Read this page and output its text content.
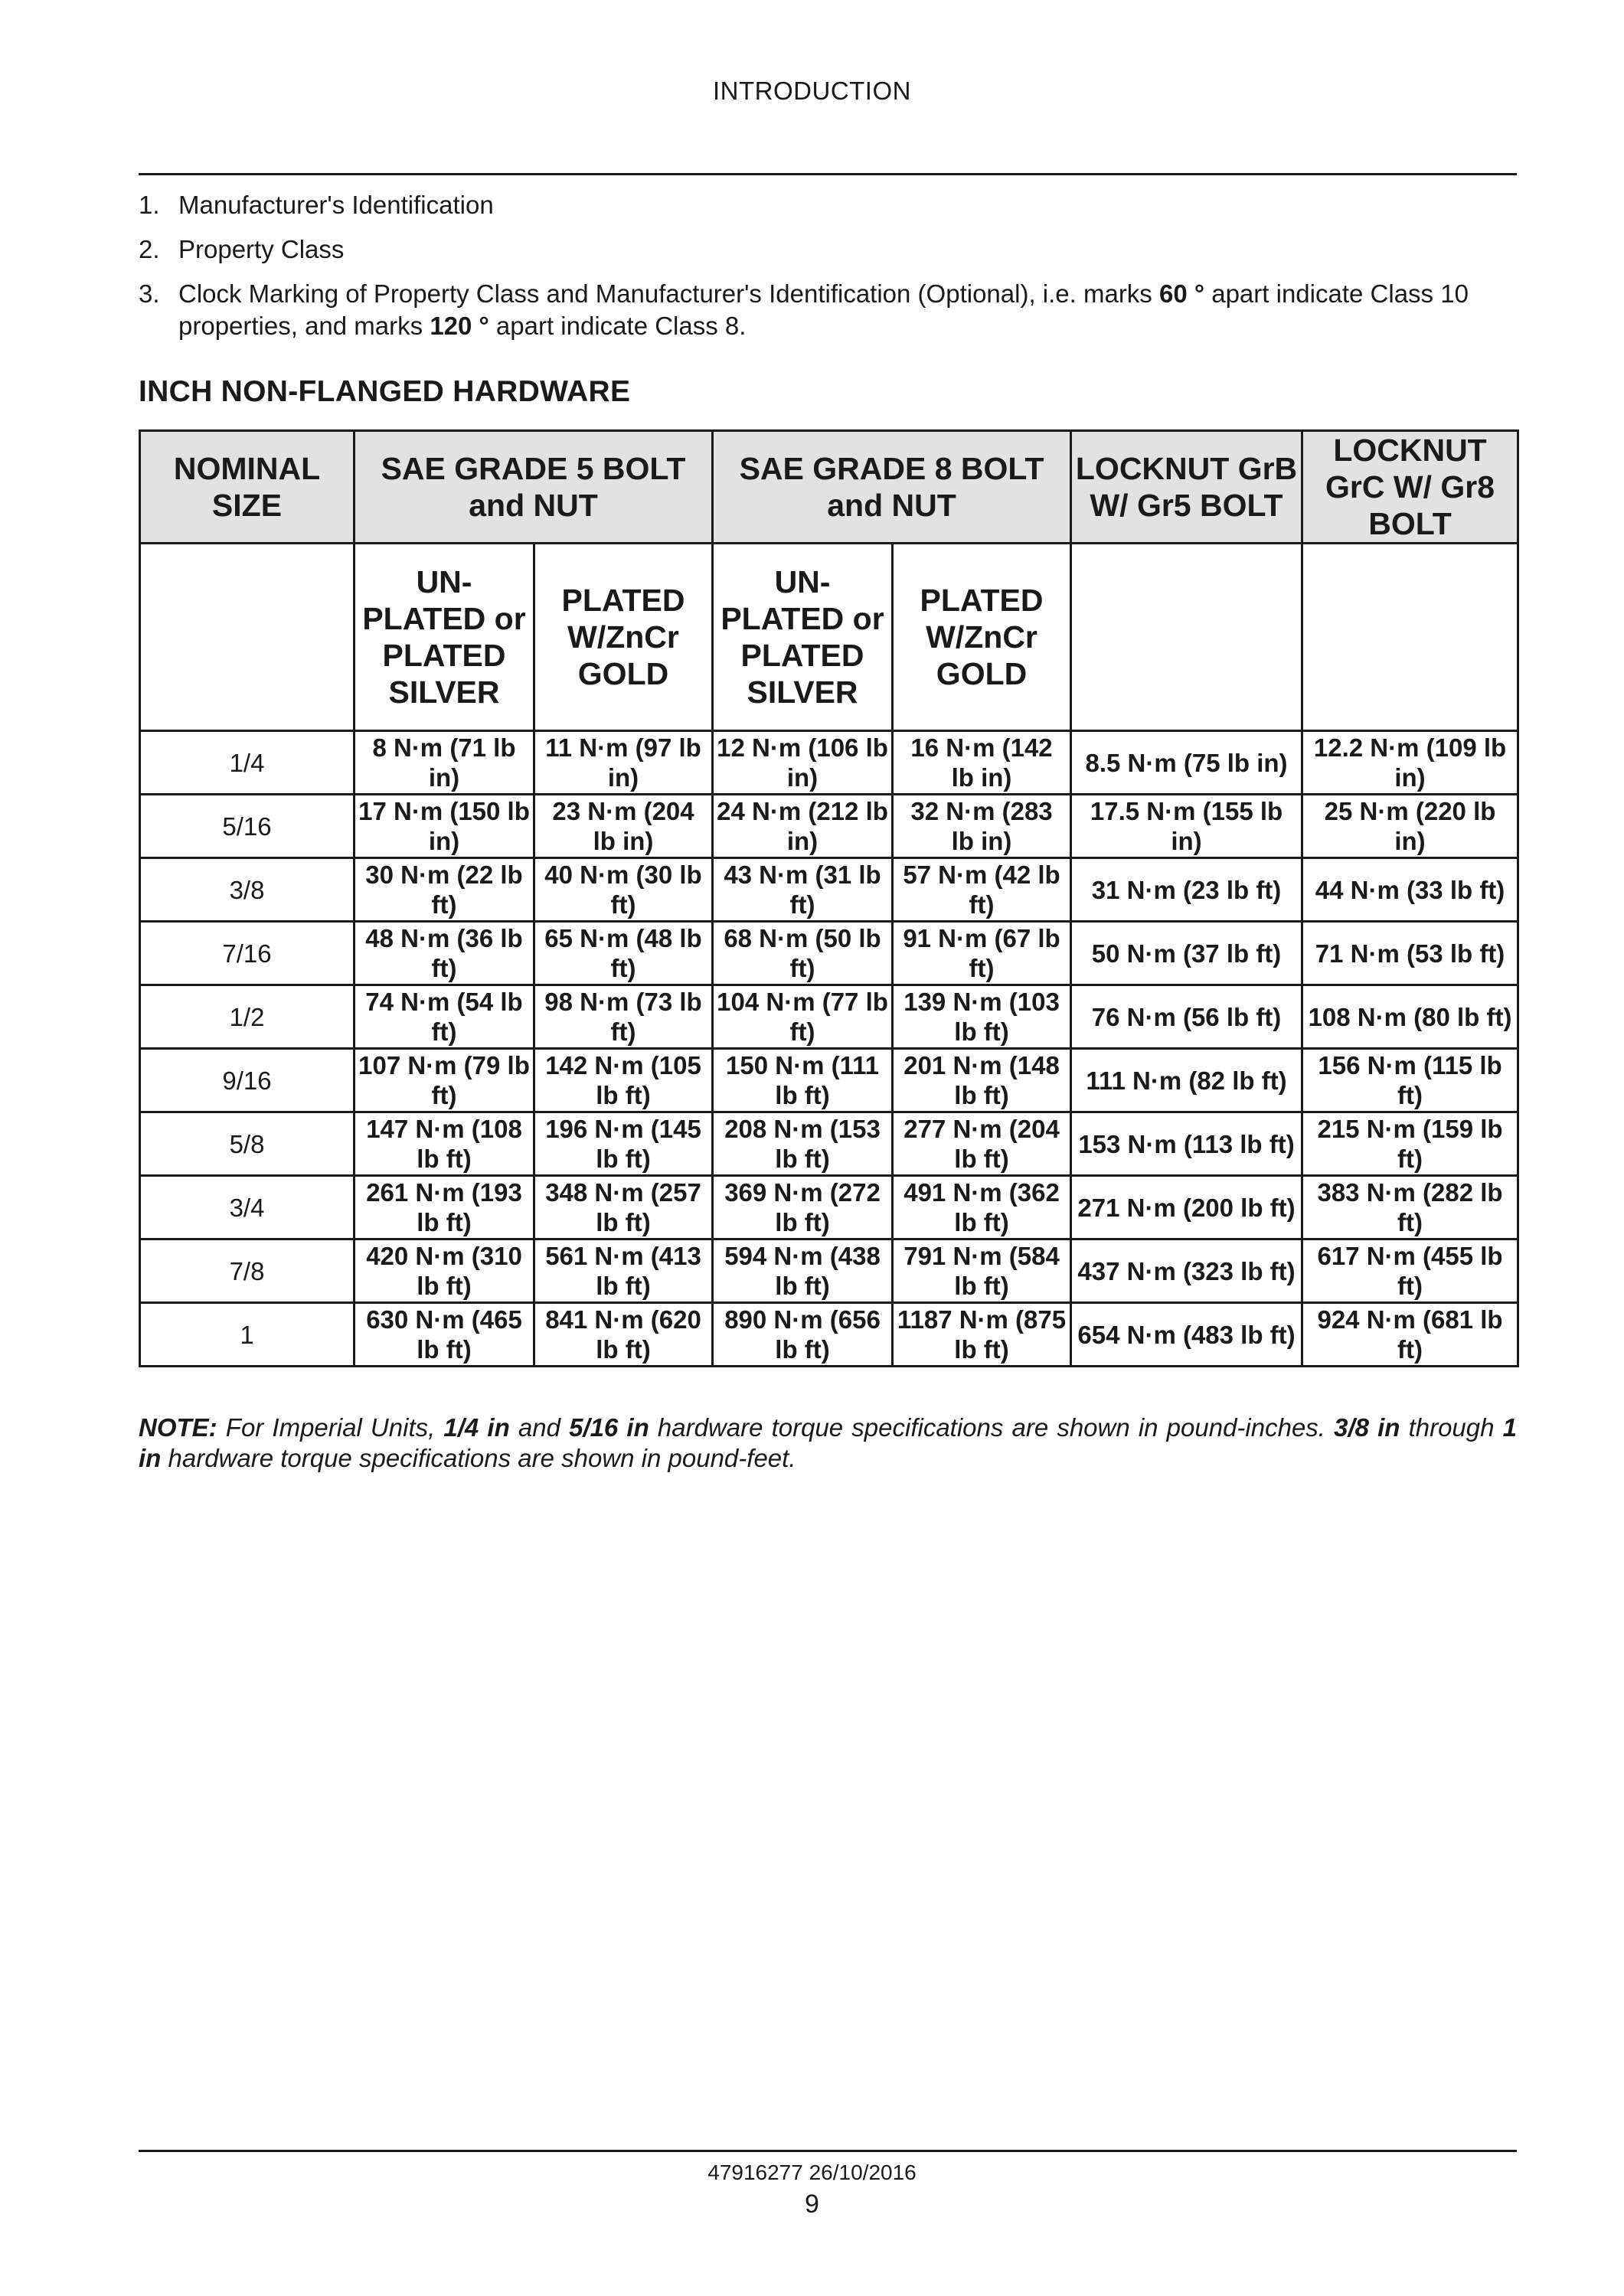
INTRODUCTION
1. Manufacturer's Identification
2. Property Class
3. Clock Marking of Property Class and Manufacturer's Identification (Optional), i.e. marks 60 ° apart indicate Class 10 properties, and marks 120 ° apart indicate Class 8.
INCH NON-FLANGED HARDWARE
NOMINAL SIZE	SAE GRADE 5 BOLT and NUT		SAE GRADE 8 BOLT and NUT		LOCKNUT GrB W/ Gr5 BOLT	LOCKNUT GrC W/ Gr8 BOLT
	UN-PLATED or PLATED SILVER	PLATED W/ZnCr GOLD	UN-PLATED or PLATED SILVER	PLATED W/ZnCr GOLD		
1/4	8 N·m (71 lb in)	11 N·m (97 lb in)	12 N·m (106 lb in)	16 N·m (142 lb in)	8.5 N·m (75 lb in)	12.2 N·m (109 lb in)
5/16	17 N·m (150 lb in)	23 N·m (204 lb in)	24 N·m (212 lb in)	32 N·m (283 lb in)	17.5 N·m (155 lb in)	25 N·m (220 lb in)
3/8	30 N·m (22 lb ft)	40 N·m (30 lb ft)	43 N·m (31 lb ft)	57 N·m (42 lb ft)	31 N·m (23 lb ft)	44 N·m (33 lb ft)
7/16	48 N·m (36 lb ft)	65 N·m (48 lb ft)	68 N·m (50 lb ft)	91 N·m (67 lb ft)	50 N·m (37 lb ft)	71 N·m (53 lb ft)
1/2	74 N·m (54 lb ft)	98 N·m (73 lb ft)	104 N·m (77 lb ft)	139 N·m (103 lb ft)	76 N·m (56 lb ft)	108 N·m (80 lb ft)
9/16	107 N·m (79 lb ft)	142 N·m (105 lb ft)	150 N·m (111 lb ft)	201 N·m (148 lb ft)	111 N·m (82 lb ft)	156 N·m (115 lb ft)
5/8	147 N·m (108 lb ft)	196 N·m (145 lb ft)	208 N·m (153 lb ft)	277 N·m (204 lb ft)	153 N·m (113 lb ft)	215 N·m (159 lb ft)
3/4	261 N·m (193 lb ft)	348 N·m (257 lb ft)	369 N·m (272 lb ft)	491 N·m (362 lb ft)	271 N·m (200 lb ft)	383 N·m (282 lb ft)
7/8	420 N·m (310 lb ft)	561 N·m (413 lb ft)	594 N·m (438 lb ft)	791 N·m (584 lb ft)	437 N·m (323 lb ft)	617 N·m (455 lb ft)
1	630 N·m (465 lb ft)	841 N·m (620 lb ft)	890 N·m (656 lb ft)	1187 N·m (875 lb ft)	654 N·m (483 lb ft)	924 N·m (681 lb ft)
NOTE: For Imperial Units, 1/4 in and 5/16 in hardware torque specifications are shown in pound-inches. 3/8 in through 1 in hardware torque specifications are shown in pound-feet.
47916277 26/10/2016
9
